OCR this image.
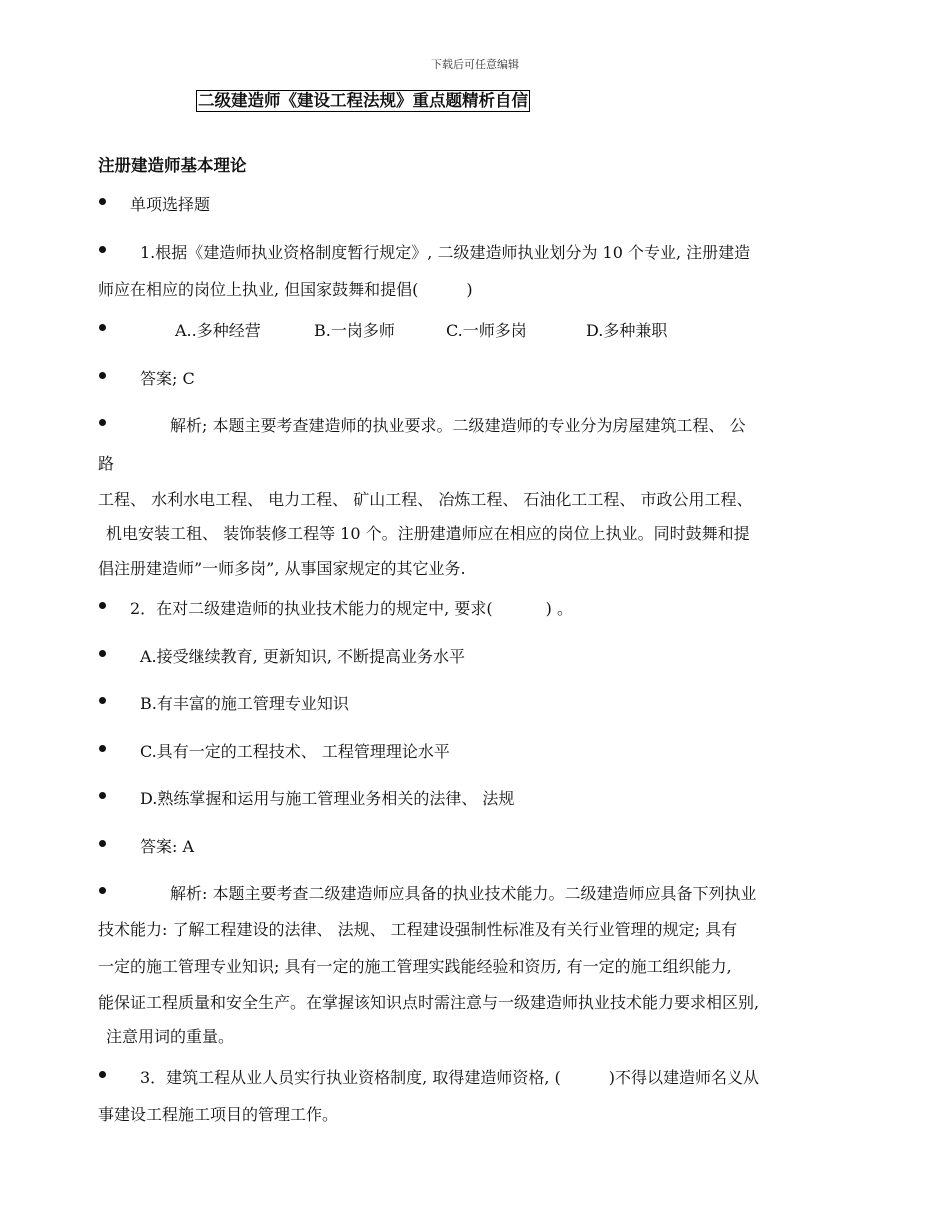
下载后可任意编辑
二级建造师《建设工程法规》重点题精析自信
注册建造师基本理论
单项选择题
1.根据《建造师执业资格制度暂行规定》, 二级建造师执业划分为 10 个专业, 注册建造
师应在相应的岗位上执业, 但国家鼓舞和提倡(　　　)
A..多种经营	B.一岗多师	C.一师多岗	D.多种兼职
答案; C
解析; 本题主要考查建造师的执业要求。二级建造师的专业分为房屋建筑工程、 公
路
工程、 水利水电工程、 电力工程、 矿山工程、 冶炼工程、 石油化工工程、 市政公用工程、
机电安装工租、 装饰装修工程等 10 个。注册建遣师应在相应的岗位上执业。同时鼓舞和提
倡注册建造师”一师多岗”, 从事国家规定的其它业务.
2．在对二级建造师的执业技术能力的规定中, 要求(　　　 ) 。
A.接受继续教育, 更新知识, 不断提高业务水平
B.有丰富的施工管理专业知识
C.具有一定的工程技术、 工程管理理论水平
D.熟练掌握和运用与施工管理业务相关的法律、 法规
答案: A
解析: 本题主要考查二级建造师应具备的执业技术能力。二级建造师应具备下列执业
技术能力: 了解工程建设的法律、 法规、 工程建设强制性标准及有关行业管理的规定; 具有
一定的施工管理专业知识; 具有一定的施工管理实践能经验和资历, 有一定的施工组织能力,
能保证工程质量和安全生产。在掌握该知识点时需注意与一级建造师执业技术能力要求相区别,
注意用词的重量。
3．建筑工程从业人员实行执业资格制度, 取得建造师资格, (　　　)不得以建造师名义从
事建设工程施工项目的管理工作。
